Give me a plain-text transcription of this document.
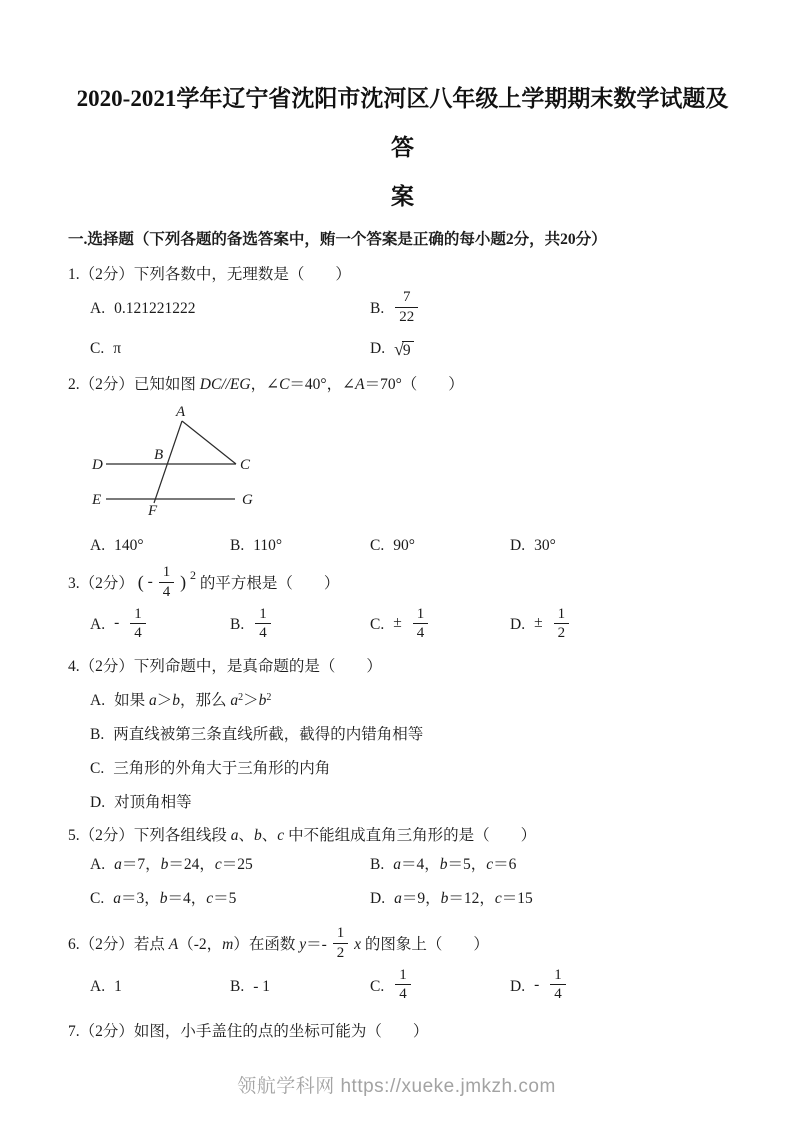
2020-2021学年辽宁省沈阳市沈河区八年级上学期期末数学试题及答
案
一.选择题（下列各题的备选答案中，贿一个答案是正确的每小题2分，共20分）

1.（2分）下列各数中，无理数是（　　）

A. 0.121221222	B. $\frac{7}{22}$
C. π	D. √9

2.（2分）已知如图 DC//EG，∠C＝40°，∠A＝70°（　　）

A
B
C
D
E
F
G
A. 140°	B. 110°	C. 90°	D. 30°

3.（2分） ( - $\frac{1}{4}$ ) $^2$ 的平方根是（　　）

A. - $\frac{1}{4}$	B. $\frac{1}{4}$	C. ± $\frac{1}{4}$	D. ± $\frac{1}{2}$

4.（2分）下列命题中，是真命题的是（　　）

A. 如果 a＞b，那么 $a^2>b^2$
B. 两直线被第三条直线所截，截得的内错角相等
C. 三角形的外角大于三角形的内角
D. 对顶角相等

5.（2分）下列各组线段 a、b、c 中不能组成直角三角形的是（　　）

A. a＝7，b＝24，c＝25	B. a＝4，b＝5，c＝6
C. a＝3，b＝4，c＝5	D. a＝9，b＝12，c＝15

6.（2分）若点 A（-2，m）在函数 $y=- \frac{1}{2}$ x 的图象上（　　）

A. 1	B. - 1	C. $\frac{1}{4}$	D. - $\frac{1}{4}$

7.（2分）如图，小手盖住的点的坐标可能为（　　）

领航学科网 https://xueke.jmkzh.com
